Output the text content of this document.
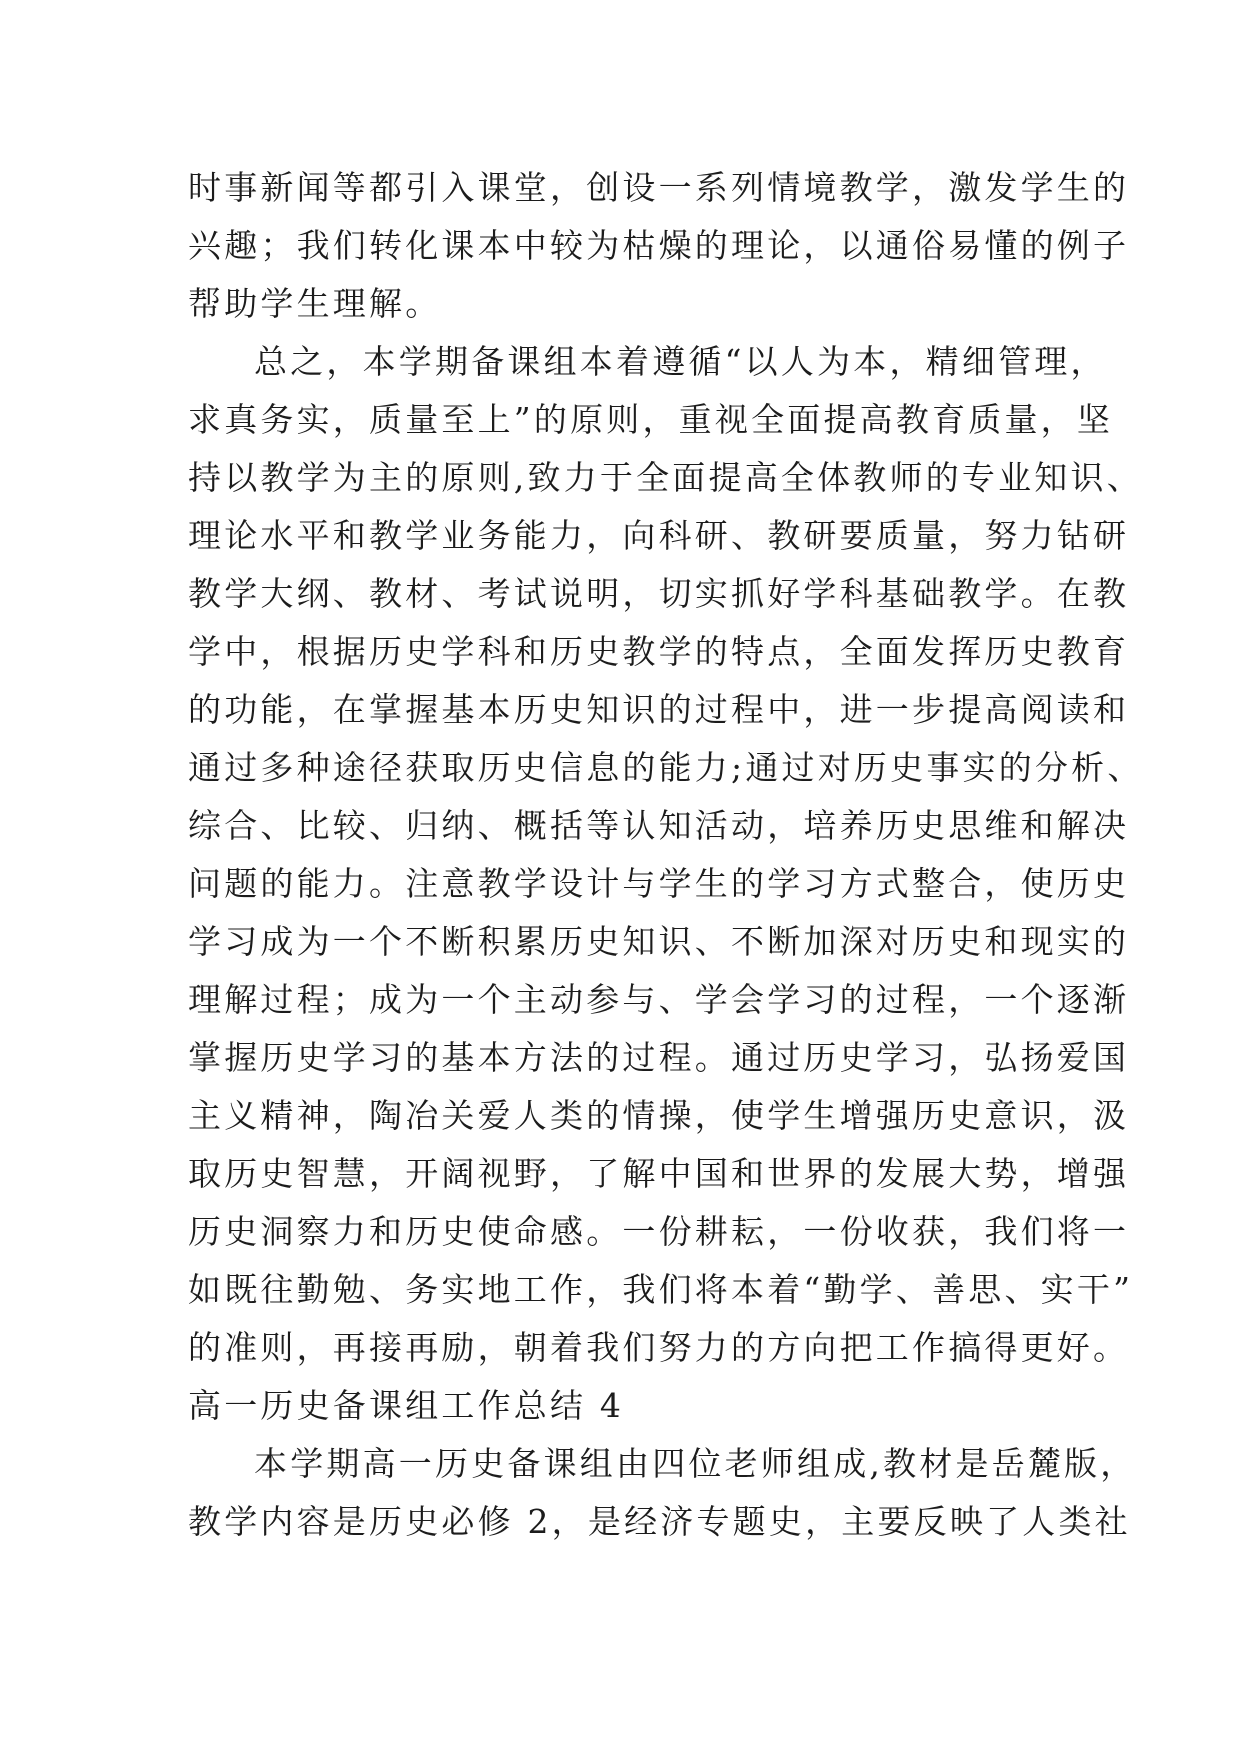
时事新闻等都引入课堂，创设一系列情境教学，激发学生的
兴趣；我们转化课本中较为枯燥的理论，以通俗易懂的例子
帮助学生理解。
总之，本学期备课组本着遵循“以人为本，精细管理，
求真务实，质量至上”的原则，重视全面提高教育质量，坚
持以教学为主的原则,致力于全面提高全体教师的专业知识、
理论水平和教学业务能力，向科研、教研要质量，努力钻研
教学大纲、教材、考试说明，切实抓好学科基础教学。在教
学中，根据历史学科和历史教学的特点，全面发挥历史教育
的功能，在掌握基本历史知识的过程中，进一步提高阅读和
通过多种途径获取历史信息的能力;通过对历史事实的分析、
综合、比较、归纳、概括等认知活动，培养历史思维和解决
问题的能力。注意教学设计与学生的学习方式整合，使历史
学习成为一个不断积累历史知识、不断加深对历史和现实的
理解过程；成为一个主动参与、学会学习的过程，一个逐渐
掌握历史学习的基本方法的过程。通过历史学习，弘扬爱国
主义精神，陶冶关爱人类的情操，使学生增强历史意识，汲
取历史智慧，开阔视野，了解中国和世界的发展大势，增强
历史洞察力和历史使命感。一份耕耘，一份收获，我们将一
如既往勤勉、务实地工作，我们将本着“勤学、善思、实干”
的准则，再接再励，朝着我们努力的方向把工作搞得更好。
高一历史备课组工作总结 4
本学期高一历史备课组由四位老师组成,教材是岳麓版，
教学内容是历史必修 2，是经济专题史，主要反映了人类社
